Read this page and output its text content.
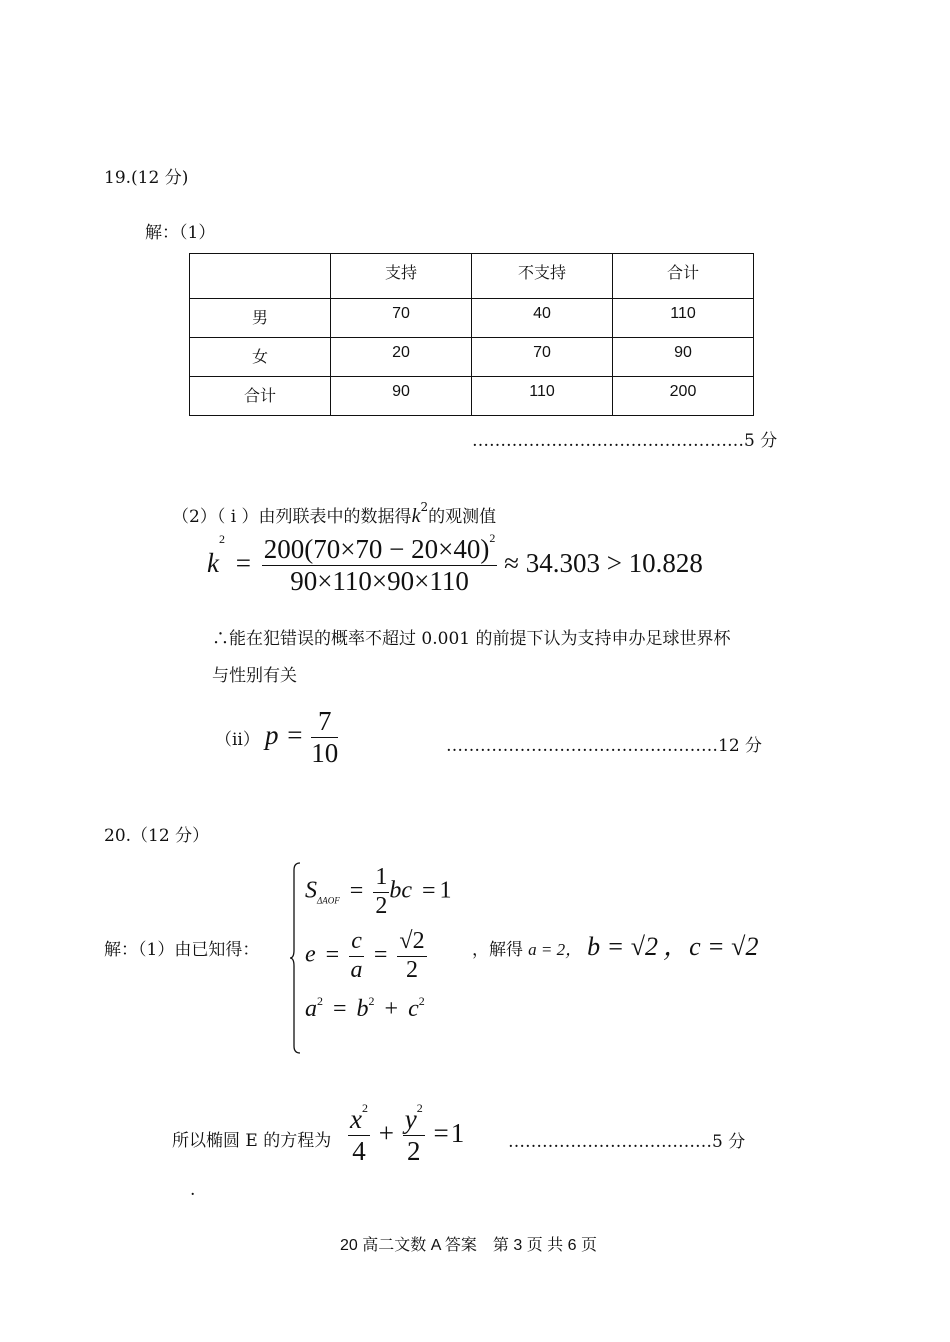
19.(12 分)
解：（1）
	支持	不支持	合计
男	70	40	110
女	20	70	90
合计	90	110	200
…………………………………………5 分
（2）（ i ）由列联表中的数据得$k^2$的观测值
$k^2 = \frac{200(70\times 70 - 20\times 40)^2}{90\times 110\times 90\times 110} \approx 34.303 > 10.828$
∴能在犯错误的概率不超过 0.001 的前提下认为支持申办足球世界杯
与性别有关
（ii） $p = \frac{7}{10}$	…………………………………………12 分
20.（12 分）
解：（1）由已知得：
$S_{\Delta AOF} = \frac{1}{2}$ bc = 1
$e = \frac{c}{a} = \frac{√2}{2}$
$a^2 = b^2 + c^2$
，解得 a = 2， b = √2 ，c = √2
所以椭圆 E 的方程为 $\frac{x^2}{4} + \frac{y^2}{2} =1$	………………………………5 分
.
20 高二文数 A 答案　第 3 页 共 6 页
